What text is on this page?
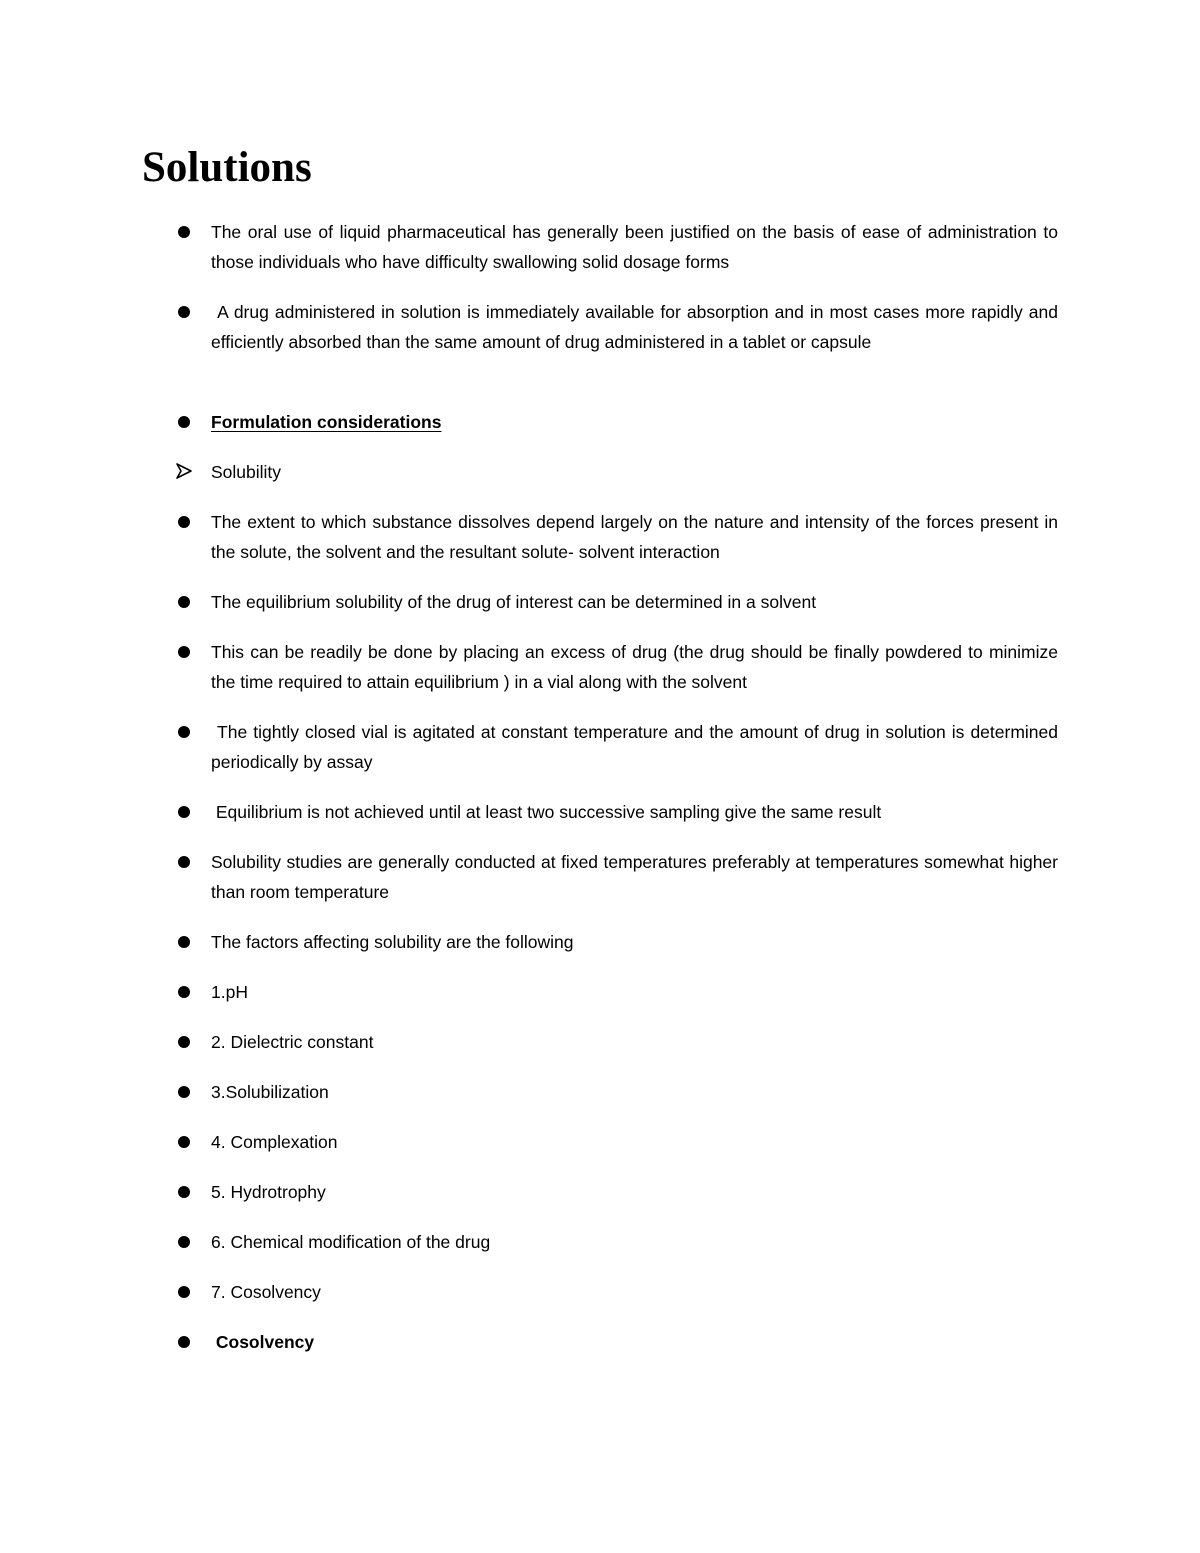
Solutions

The oral use of liquid pharmaceutical has generally been justified on the basis of ease of administration to those individuals who have difficulty swallowing solid dosage forms

A drug administered in solution is immediately available for absorption and in most cases more rapidly and efficiently absorbed than the same amount of drug administered in a tablet or capsule

Formulation considerations

Solubility

The extent to which substance dissolves depend largely on the nature and intensity of the forces present in the solute, the solvent and the resultant solute- solvent interaction

The equilibrium solubility of the drug of interest can be determined in a solvent

This can be readily be done by placing an excess of drug (the drug should be finally powdered to minimize the time required to attain equilibrium ) in a vial along with the solvent

The tightly closed vial is agitated at constant temperature and the amount of drug in solution is determined periodically by assay

Equilibrium is not achieved until at least two successive sampling give the same result

Solubility studies are generally conducted at fixed temperatures preferably at temperatures somewhat higher than room temperature

The factors affecting solubility are the following

1.pH

2. Dielectric constant

3.Solubilization

4. Complexation

5. Hydrotrophy

6. Chemical modification of the drug

7. Cosolvency

Cosolvency
